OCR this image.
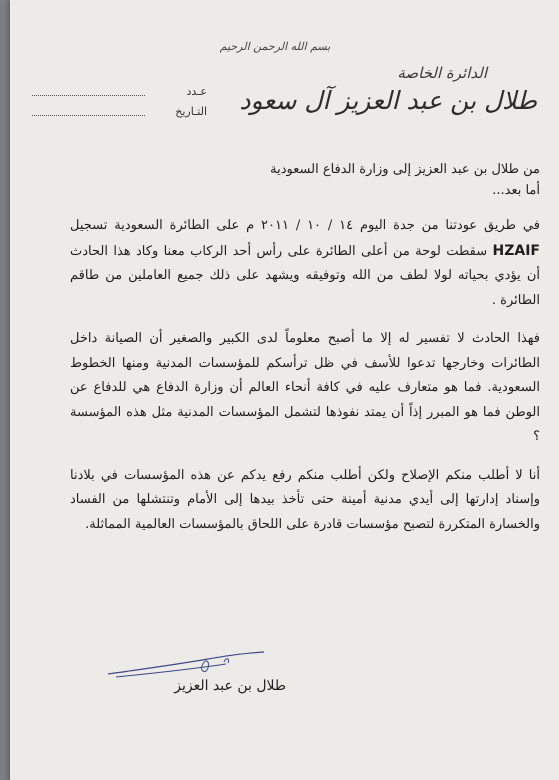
بسم الله الرحمن الرحيم
الدائرة الخاصة
طلال بن عبد العزيز آل سعود
عـدد
التـاريخ

من طلال بن عبد العزيز إلى وزارة الدفاع السعودية

أما بعد...

في طريق عودتنا من جدة اليوم ١٤ / ١٠ / ٢٠١١ م على الطائرة السعودية تسجيل HZAIF سقطت لوحة من أعلى الطائرة على رأس أحد الركاب معنا وكاد هذا الحادث أن يؤدي بحياته لولا لطف من الله وتوفيقه ويشهد على ذلك جميع العاملين من طاقم الطائرة .

فهذا الحادث لا تفسير له إلا ما أصبح معلوماً لدى الكبير والصغير أن الصيانة داخل الطائرات وخارجها تدعوا للأسف في ظل ترأسكم للمؤسسات المدنية ومنها الخطوط السعودية. فما هو متعارف عليه في كافة أنحاء العالم أن وزارة الدفاع هي للدفاع عن الوطن فما هو المبرر إذاً أن يمتد نفوذها لتشمل المؤسسات المدنية مثل هذه المؤسسة ؟

أنا لا أطلب منكم الإصلاح ولكن أطلب منكم رفع يدكم عن هذه المؤسسات في بلادنا وإسناد إدارتها إلى أيدي مدنية أمينة حتى تأخذ بيدها إلى الأمام وتنتشلها من الفساد والخسارة المتكررة لتصبح مؤسسات قادرة على اللحاق بالمؤسسات العالمية المماثلة.

طلال بن عبد العزيز
